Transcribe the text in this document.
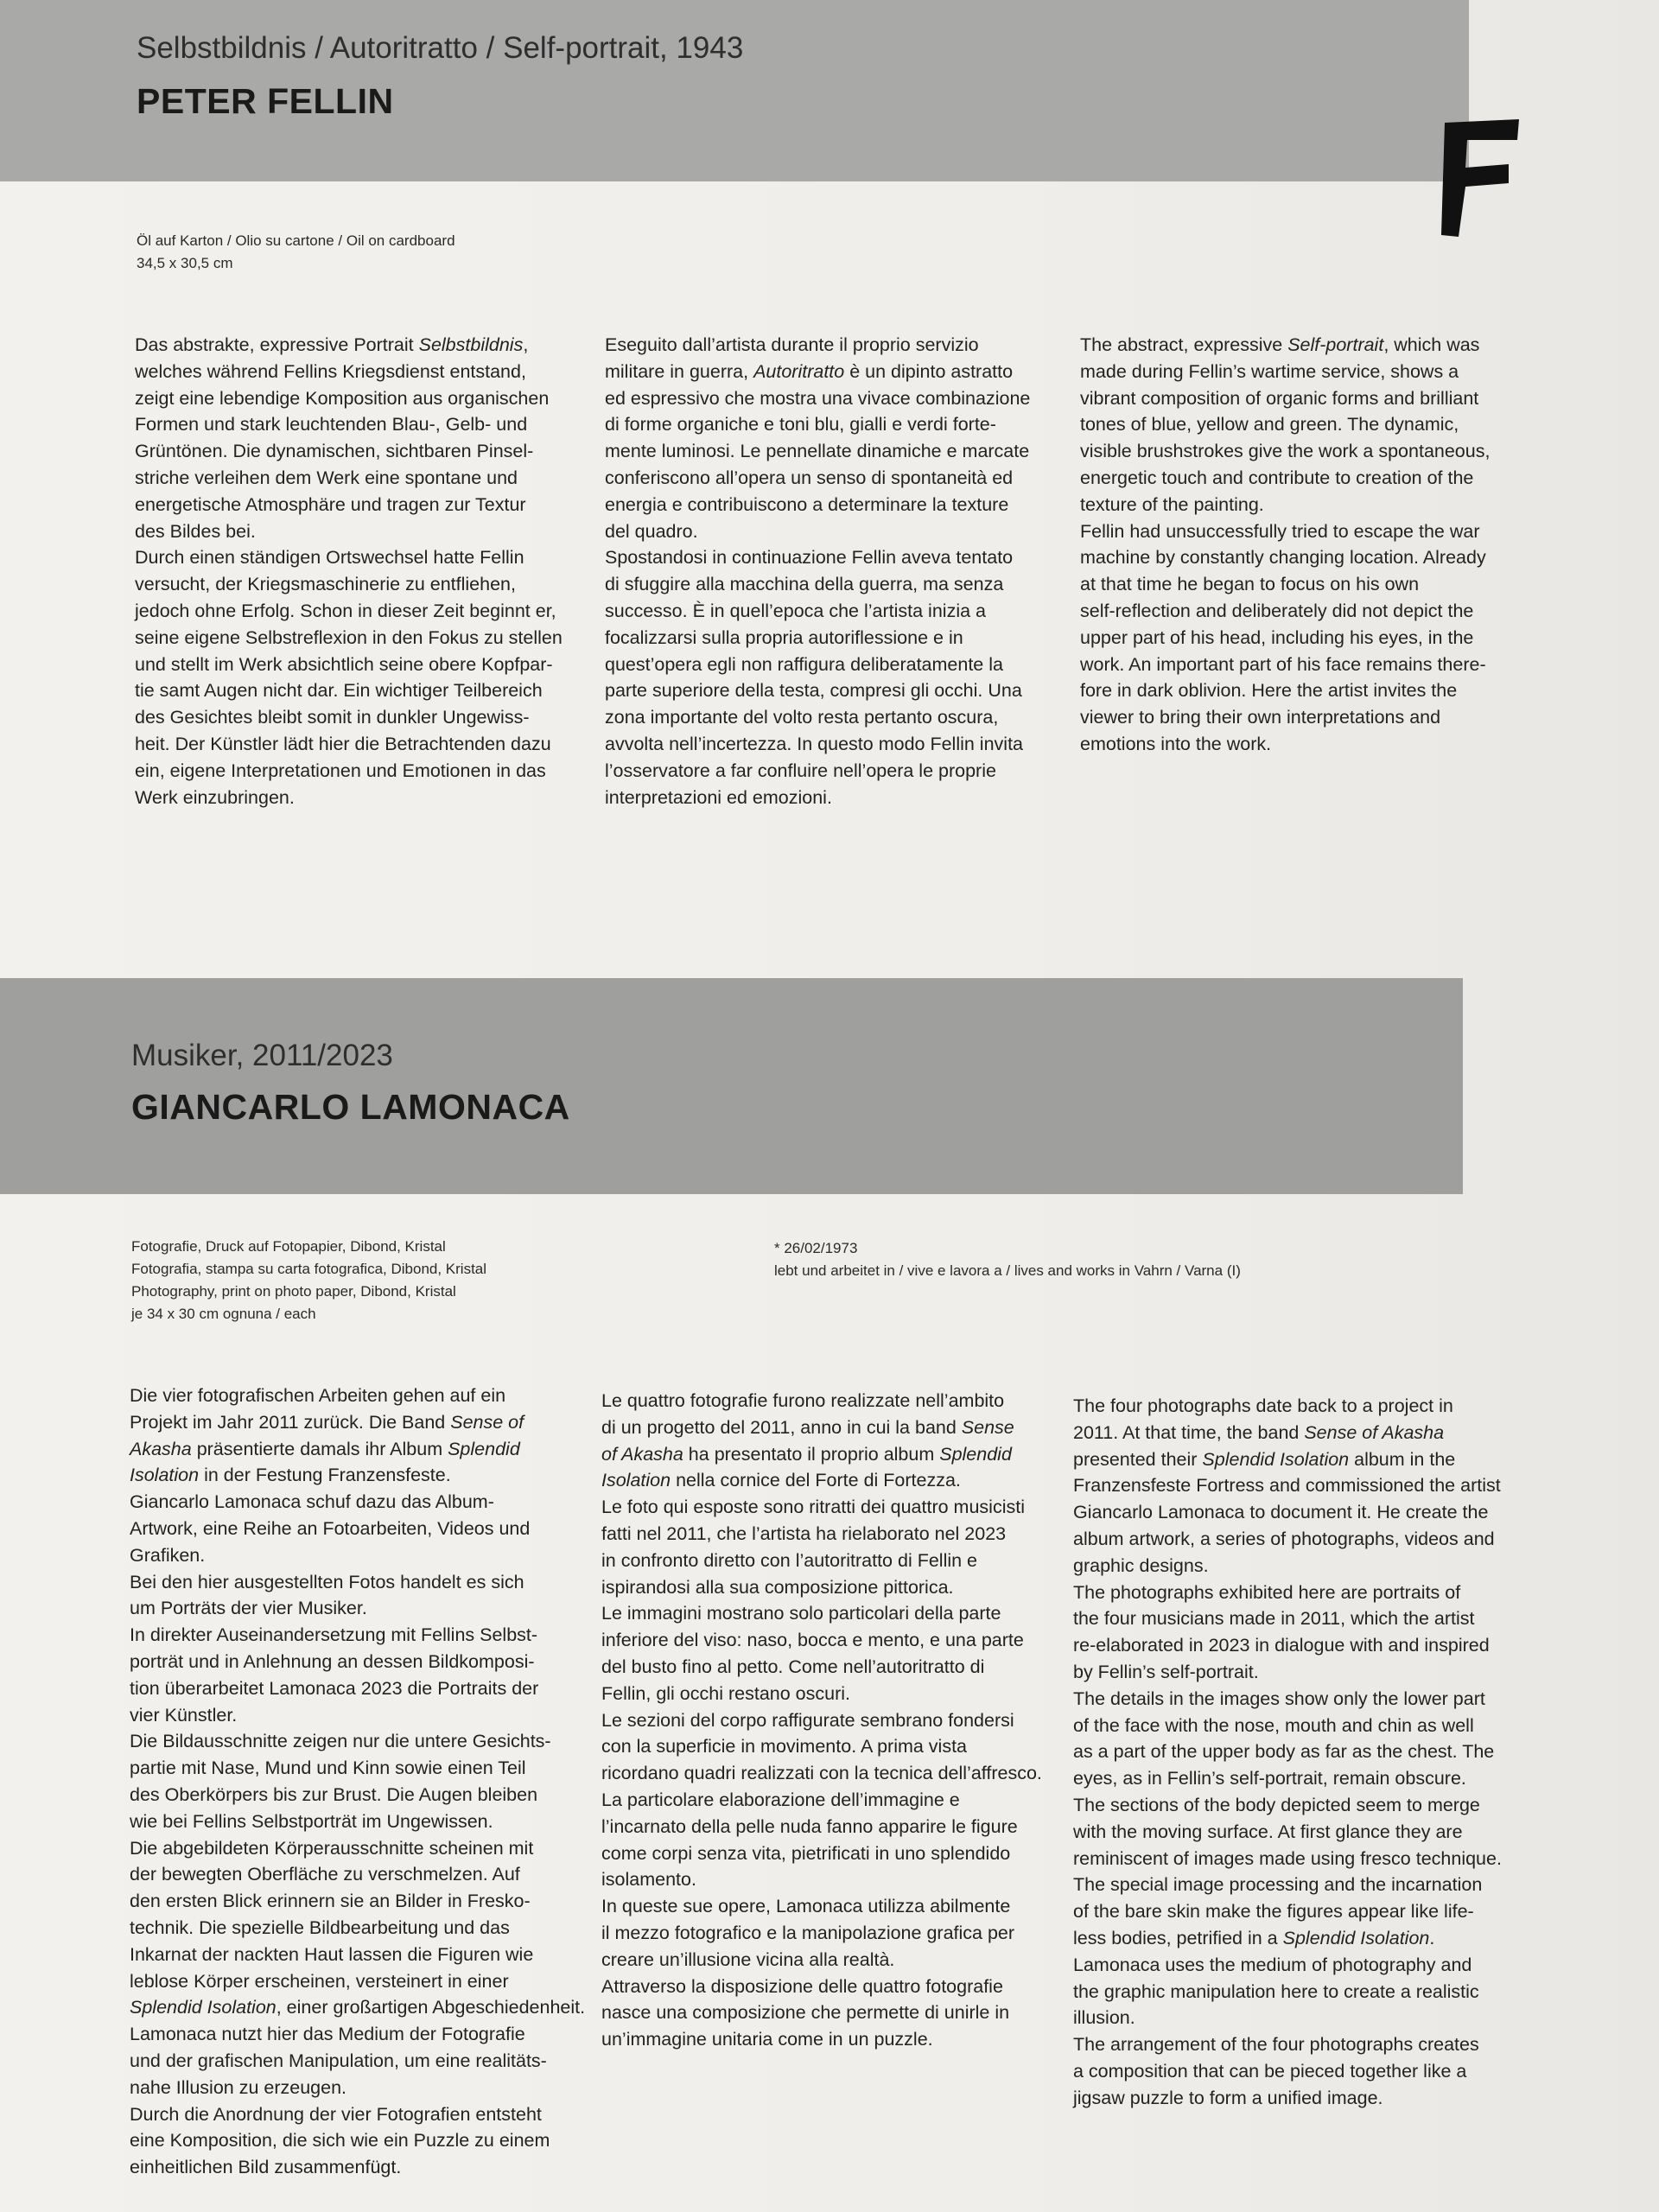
Selbstbildnis / Autoritratto / Self-portrait, 1943
PETER FELLIN
Öl auf Karton / Olio su cartone / Oil on cardboard
34,5 x 30,5 cm

Das abstrakte, expressive Portrait Selbstbildnis,

welches während Fellins Kriegsdienst entstand,

zeigt eine lebendige Komposition aus organischen

Formen und stark leuchtenden Blau-, Gelb- und

Grüntönen. Die dynamischen, sichtbaren Pinsel-

striche verleihen dem Werk eine spontane und

energetische Atmosphäre und tragen zur Textur

des Bildes bei.

Durch einen ständigen Ortswechsel hatte Fellin

versucht, der Kriegsmaschinerie zu entfliehen,

jedoch ohne Erfolg. Schon in dieser Zeit beginnt er,

seine eigene Selbstreflexion in den Fokus zu stellen

und stellt im Werk absichtlich seine obere Kopfpar-

tie samt Augen nicht dar. Ein wichtiger Teilbereich

des Gesichtes bleibt somit in dunkler Ungewiss-

heit. Der Künstler lädt hier die Betrachtenden dazu

ein, eigene Interpretationen und Emotionen in das

Werk einzubringen.

Eseguito dall’artista durante il proprio servizio

militare in guerra, Autoritratto è un dipinto astratto

ed espressivo che mostra una vivace combinazione

di forme organiche e toni blu, gialli e verdi forte-

mente luminosi. Le pennellate dinamiche e marcate

conferiscono all’opera un senso di spontaneità ed

energia e contribuiscono a determinare la texture

del quadro.

Spostandosi in continuazione Fellin aveva tentato

di sfuggire alla macchina della guerra, ma senza

successo. È in quell’epoca che l’artista inizia a

focalizzarsi sulla propria autoriflessione e in

quest’opera egli non raffigura deliberatamente la

parte superiore della testa, compresi gli occhi. Una

zona importante del volto resta pertanto oscura,

avvolta nell’incertezza. In questo modo Fellin invita

l’osservatore a far confluire nell’opera le proprie

interpretazioni ed emozioni.

The abstract, expressive Self-portrait, which was

made during Fellin’s wartime service, shows a

vibrant composition of organic forms and brilliant

tones of blue, yellow and green. The dynamic,

visible brushstrokes give the work a spontaneous,

energetic touch and contribute to creation of the

texture of the painting.

Fellin had unsuccessfully tried to escape the war

machine by constantly changing location. Already

at that time he began to focus on his own

self-reflection and deliberately did not depict the

upper part of his head, including his eyes, in the

work. An important part of his face remains there-

fore in dark oblivion. Here the artist invites the

viewer to bring their own interpretations and

emotions into the work.

Musiker, 2011/2023
GIANCARLO LAMONACA
Fotografie, Druck auf Fotopapier, Dibond, Kristal
Fotografia, stampa su carta fotografica, Dibond, Kristal
Photography, print on photo paper, Dibond, Kristal
je 34 x 30 cm ognuna / each
* 26/02/1973
lebt und arbeitet in / vive e lavora a / lives and works in Vahrn / Varna (I)

Die vier fotografischen Arbeiten gehen auf ein

Projekt im Jahr 2011 zurück. Die Band Sense of

Akasha präsentierte damals ihr Album Splendid

Isolation in der Festung Franzensfeste.

Giancarlo Lamonaca schuf dazu das Album-

Artwork, eine Reihe an Fotoarbeiten, Videos und

Grafiken.

Bei den hier ausgestellten Fotos handelt es sich

um Porträts der vier Musiker.

In direkter Auseinandersetzung mit Fellins Selbst-

porträt und in Anlehnung an dessen Bildkomposi-

tion überarbeitet Lamonaca 2023 die Portraits der

vier Künstler.

Die Bildausschnitte zeigen nur die untere Gesichts-

partie mit Nase, Mund und Kinn sowie einen Teil

des Oberkörpers bis zur Brust. Die Augen bleiben

wie bei Fellins Selbstporträt im Ungewissen.

Die abgebildeten Körperausschnitte scheinen mit

der bewegten Oberfläche zu verschmelzen. Auf

den ersten Blick erinnern sie an Bilder in Fresko-

technik. Die spezielle Bildbearbeitung und das

Inkarnat der nackten Haut lassen die Figuren wie

leblose Körper erscheinen, versteinert in einer

Splendid Isolation, einer großartigen Abgeschiedenheit.

Lamonaca nutzt hier das Medium der Fotografie

und der grafischen Manipulation, um eine realitäts-

nahe Illusion zu erzeugen.

Durch die Anordnung der vier Fotografien entsteht

eine Komposition, die sich wie ein Puzzle zu einem

einheitlichen Bild zusammenfügt.

Le quattro fotografie furono realizzate nell’ambito

di un progetto del 2011, anno in cui la band Sense

of Akasha ha presentato il proprio album Splendid

Isolation nella cornice del Forte di Fortezza.

Le foto qui esposte sono ritratti dei quattro musicisti

fatti nel 2011, che l’artista ha rielaborato nel 2023

in confronto diretto con l’autoritratto di Fellin e

ispirandosi alla sua composizione pittorica.

Le immagini mostrano solo particolari della parte

inferiore del viso: naso, bocca e mento, e una parte

del busto fino al petto. Come nell’autoritratto di

Fellin, gli occhi restano oscuri.

Le sezioni del corpo raffigurate sembrano fondersi

con la superficie in movimento. A prima vista

ricordano quadri realizzati con la tecnica dell’affresco.

La particolare elaborazione dell’immagine e

l’incarnato della pelle nuda fanno apparire le figure

come corpi senza vita, pietrificati in uno splendido

isolamento.

In queste sue opere, Lamonaca utilizza abilmente

il mezzo fotografico e la manipolazione grafica per

creare un’illusione vicina alla realtà.

Attraverso la disposizione delle quattro fotografie

nasce una composizione che permette di unirle in

un’immagine unitaria come in un puzzle.

The four photographs date back to a project in

2011. At that time, the band Sense of Akasha

presented their Splendid Isolation album in the

Franzensfeste Fortress and commissioned the artist

Giancarlo Lamonaca to document it. He create the

album artwork, a series of photographs, videos and

graphic designs.

The photographs exhibited here are portraits of

the four musicians made in 2011, which the artist

re-elaborated in 2023 in dialogue with and inspired

by Fellin’s self-portrait.

The details in the images show only the lower part

of the face with the nose, mouth and chin as well

as a part of the upper body as far as the chest. The

eyes, as in Fellin’s self-portrait, remain obscure.

The sections of the body depicted seem to merge

with the moving surface. At first glance they are

reminiscent of images made using fresco technique.

The special image processing and the incarnation

of the bare skin make the figures appear like life-

less bodies, petrified in a Splendid Isolation.

Lamonaca uses the medium of photography and

the graphic manipulation here to create a realistic

illusion.

The arrangement of the four photographs creates

a composition that can be pieced together like a

jigsaw puzzle to form a unified image.
